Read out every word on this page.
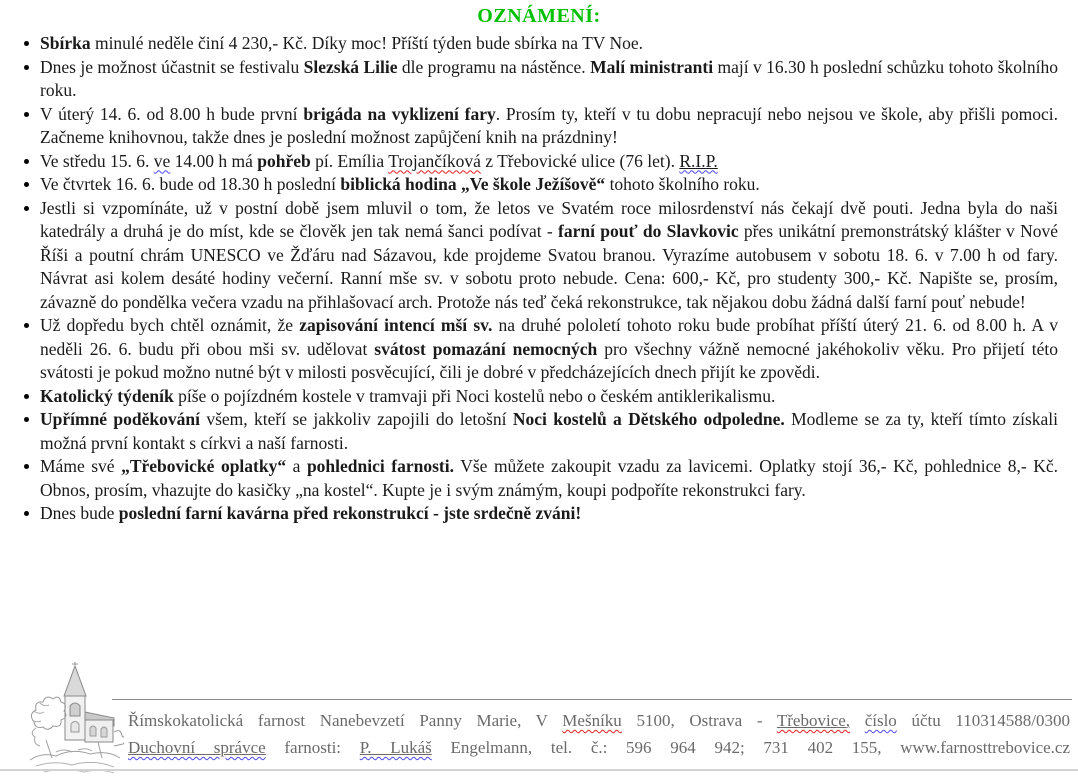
OZNÁMENÍ:
Sbírka minulé neděle činí 4 230,- Kč. Díky moc! Příští týden bude sbírka na TV Noe.
Dnes je možnost účastnit se festivalu Slezská Lilie dle programu na nástěnce. Malí ministranti mají v 16.30 h poslední schůzku tohoto školního roku.
V úterý 14. 6. od 8.00 h bude první brigáda na vyklizení fary. Prosím ty, kteří v tu dobu nepracují nebo nejsou ve škole, aby přišli pomoci. Začneme knihovnou, takže dnes je poslední možnost zapůjčení knih na prázdniny!
Ve středu 15. 6. ve 14.00 h má pohřeb pí. Emília Trojančíková z Třebovické ulice (76 let). R.I.P.
Ve čtvrtek 16. 6. bude od 18.30 h poslední biblická hodina „Ve škole Ježíšově“ tohoto školního roku.
Jestli si vzpomínáte, už v postní době jsem mluvil o tom, že letos ve Svatém roce milosrdenství nás čekají dvě pouti. Jedna byla do naši katedrály a druhá je do míst, kde se člověk jen tak nemá šanci podívat - farní pouť do Slavkovic přes unikátní premonstrátský klášter v Nové Říši a poutní chrám UNESCO ve Žďáru nad Sázavou, kde projdeme Svatou branou. Vyrazíme autobusem v sobotu 18. 6. v 7.00 h od fary. Návrat asi kolem desáté hodiny večerní. Ranní mše sv. v sobotu proto nebude. Cena: 600,- Kč, pro studenty 300,- Kč. Napište se, prosím, závazně do pondělka večera vzadu na přihlašovací arch. Protože nás teď čeká rekonstrukce, tak nějakou dobu žádná další farní pouť nebude!
Už dopředu bych chtěl oznámit, že zapisování intencí mší sv. na druhé pololetí tohoto roku bude probíhat příští úterý 21. 6. od 8.00 h. A v neděli 26. 6. budu při obou mši sv. udělovat svátost pomazání nemocných pro všechny vážně nemocné jakéhokoliv věku. Pro přijetí této svátosti je pokud možno nutné být v milosti posvěcující, čili je dobré v předcházejících dnech přijít ke zpovědi.
Katolický týdeník píše o pojízdném kostele v tramvaji při Noci kostelů nebo o českém antiklerikalismu.
Upřímné poděkování všem, kteří se jakkoliv zapojili do letošní Noci kostelů a Dětského odpoledne. Modleme se za ty, kteří tímto získali možná první kontakt s církvi a naší farnosti.
Máme své „Třebovické oplatky“ a pohlednici farnosti. Vše můžete zakoupit vzadu za lavicemi. Oplatky stojí 36,- Kč, pohlednice 8,- Kč. Obnos, prosím, vhazujte do kasičky „na kostel“. Kupte je i svým známým, koupi podpoříte rekonstrukci fary.
Dnes bude poslední farní kavárna před rekonstrukcí - jste srdečně zváni!
Římskokatolická farnost Nanebevzetí Panny Marie, V Mešníku 5100, Ostrava - Třebovice, číslo účtu 110314588/0300
Duchovní správce farnosti: P. Lukáš Engelmann, tel. č.: 596 964 942; 731 402 155, www.farnosttrebovice.cz
